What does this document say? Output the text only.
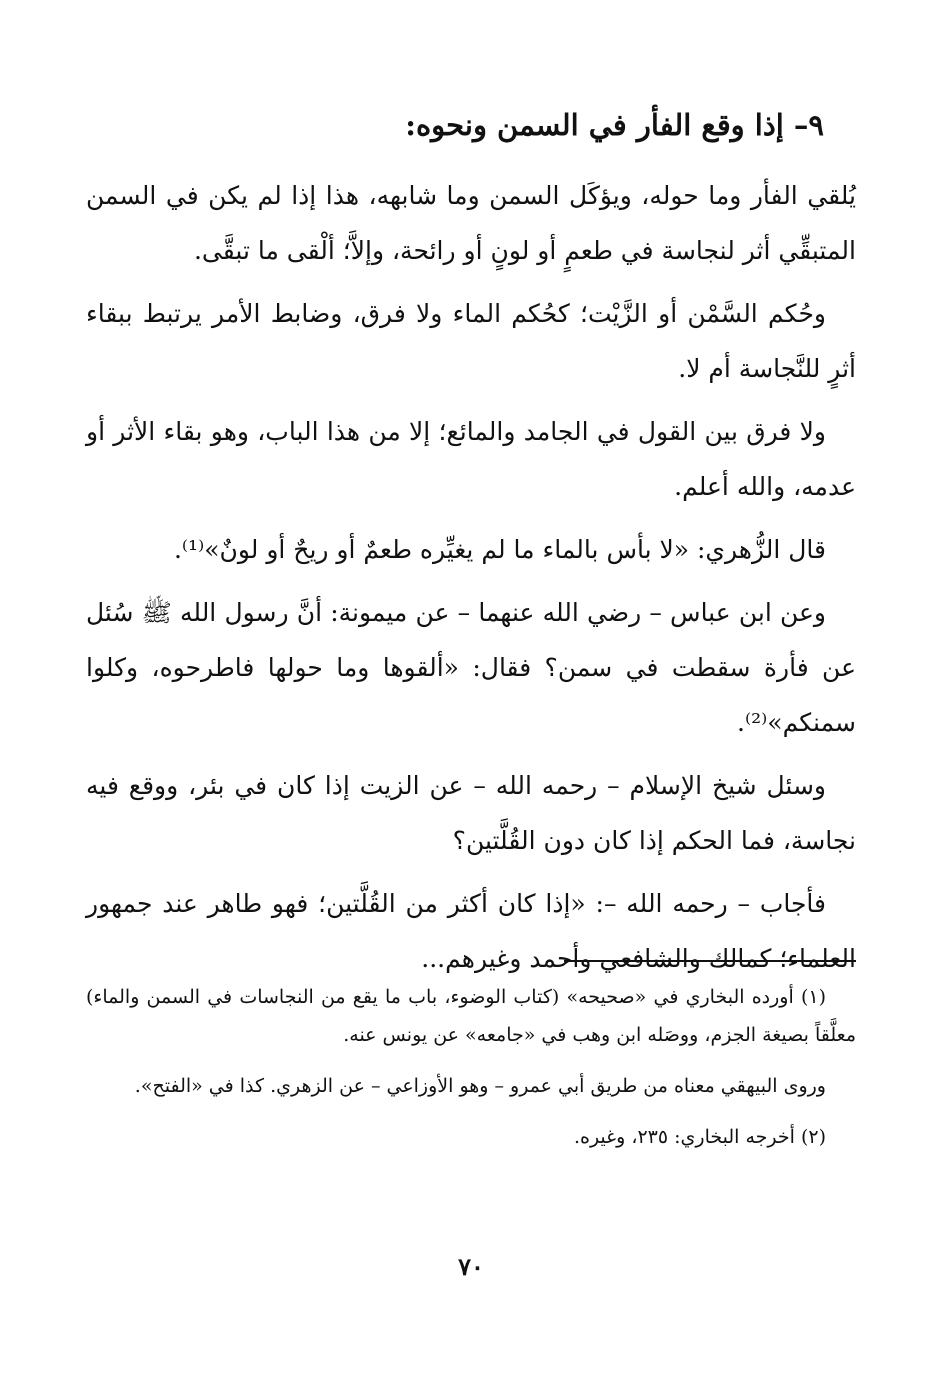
٩– إذا وقع الفأر في السمن ونحوه:

يُلقي الفأر وما حوله، ويؤكَل السمن وما شابهه، هذا إذا لم يكن في السمن المتبقِّي أثر لنجاسة في طعمٍ أو لونٍ أو رائحة، وإلاَّ؛ ألْقى ما تبقَّى.

وحُكم السَّمْن أو الزَّيْت؛ كحُكم الماء ولا فرق، وضابط الأمر يرتبط ببقاء أثرٍ للنَّجاسة أم لا.

ولا فرق بين القول في الجامد والمائع؛ إلا من هذا الباب، وهو بقاء الأثر أو عدمه، والله أعلم.

قال الزُّهري: «لا بأس بالماء ما لم يغيِّره طعمٌ أو ريحٌ أو لونٌ»⁽¹⁾.

وعن ابن عباس – رضي الله عنهما – عن ميمونة: أنَّ رسول الله ﷺ سُئل عن فأرة سقطت في سمن؟ فقال: «ألقوها وما حولها فاطرحوه، وكلوا سمنكم»⁽²⁾.

وسئل شيخ الإسلام – رحمه الله – عن الزيت إذا كان في بئر، ووقع فيه نجاسة، فما الحكم إذا كان دون القُلَّتين؟

فأجاب – رحمه الله –: «إذا كان أكثر من القُلَّتين؛ فهو طاهر عند جمهور العلماء؛ كمالك والشافعي وأحمد وغيرهم...

(١) أورده البخاري في «صحيحه» (كتاب الوضوء، باب ما يقع من النجاسات في السمن والماء) معلَّقاً بصيغة الجزم، ووصَله ابن وهب في «جامعه» عن يونس عنه.

وروى البيهقي معناه من طريق أبي عمرو – وهو الأوزاعي – عن الزهري. كذا في «الفتح».

(٢) أخرجه البخاري: ٢٣٥، وغيره.

٧٠
